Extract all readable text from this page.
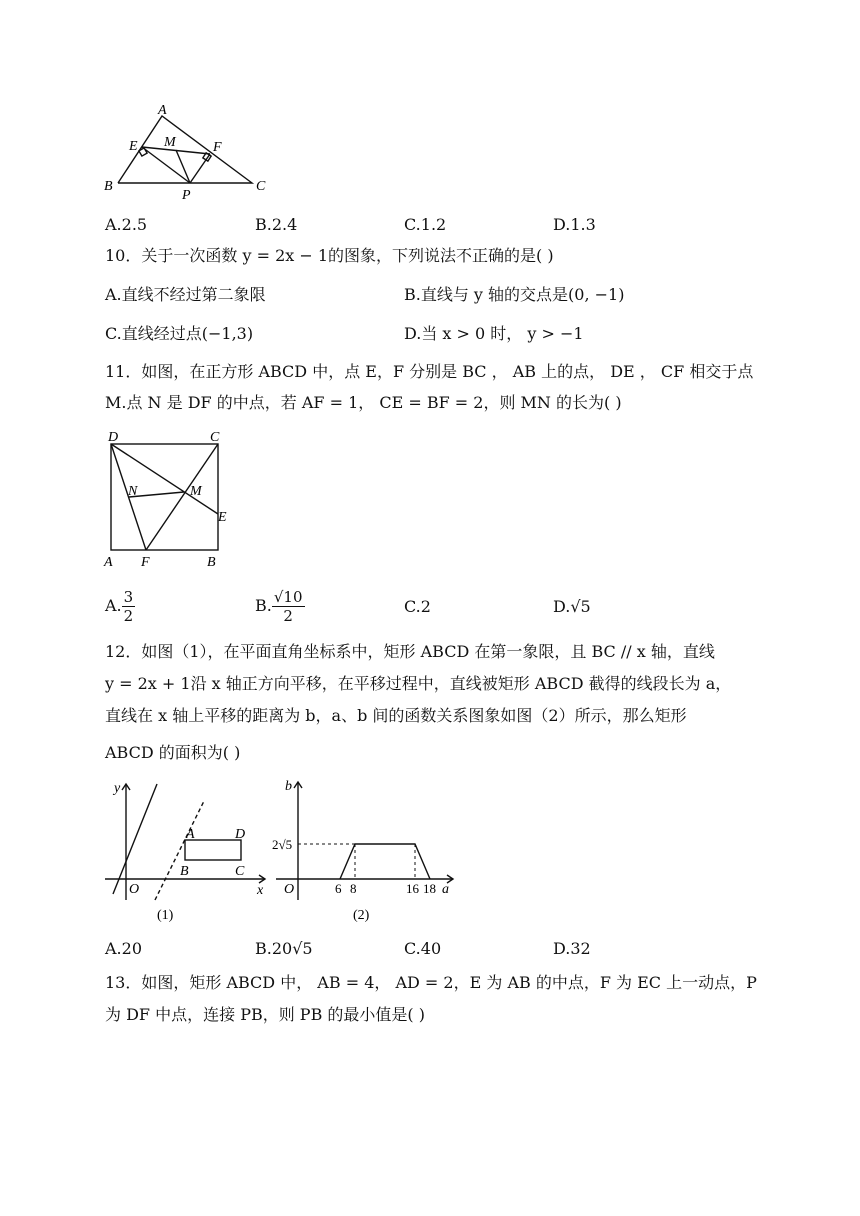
A
E M	F
B
P
C
A.2.5	B.2.4	C.1.2	D.1.3
10．关于一次函数 y = 2x − 1的图象，下列说法不正确的是( )
A.直线不经过第二象限	B.直线与 y 轴的交点是(0, −1)
C.直线经过点(−1,3)	D.当 x > 0 时， y > −1
11．如图，在正方形 ABCD 中，点 E，F 分别是 BC ， AB 上的点， DE ， CF 相交于点
M.点 N 是 DF 的中点，若 AF = 1， CE = BF = 2，则 MN 的长为( )
D	C
N	M
E
A F	B
A. $\frac{3}{2}$	B. $\frac{√10}{2}$	C.2	D.√5
12．如图（1），在平面直角坐标系中，矩形 ABCD 在第一象限，且 BC // x 轴，直线
y = 2x + 1沿 x 轴正方向平移，在平移过程中，直线被矩形 ABCD 截得的线段长为 a，
直线在 x 轴上平移的距离为 b，a、b 间的函数关系图象如图（2）所示，那么矩形
ABCD 的面积为( )
y
O	x
A	D
B	C
(1)
b
2√5
O	6 8	16 18 a
(2)
A.20	B.20√5	C.40	D.32
13．如图，矩形 ABCD 中， AB = 4， AD = 2，E 为 AB 的中点，F 为 EC 上一动点，P
为 DF 中点，连接 PB，则 PB 的最小值是( )
